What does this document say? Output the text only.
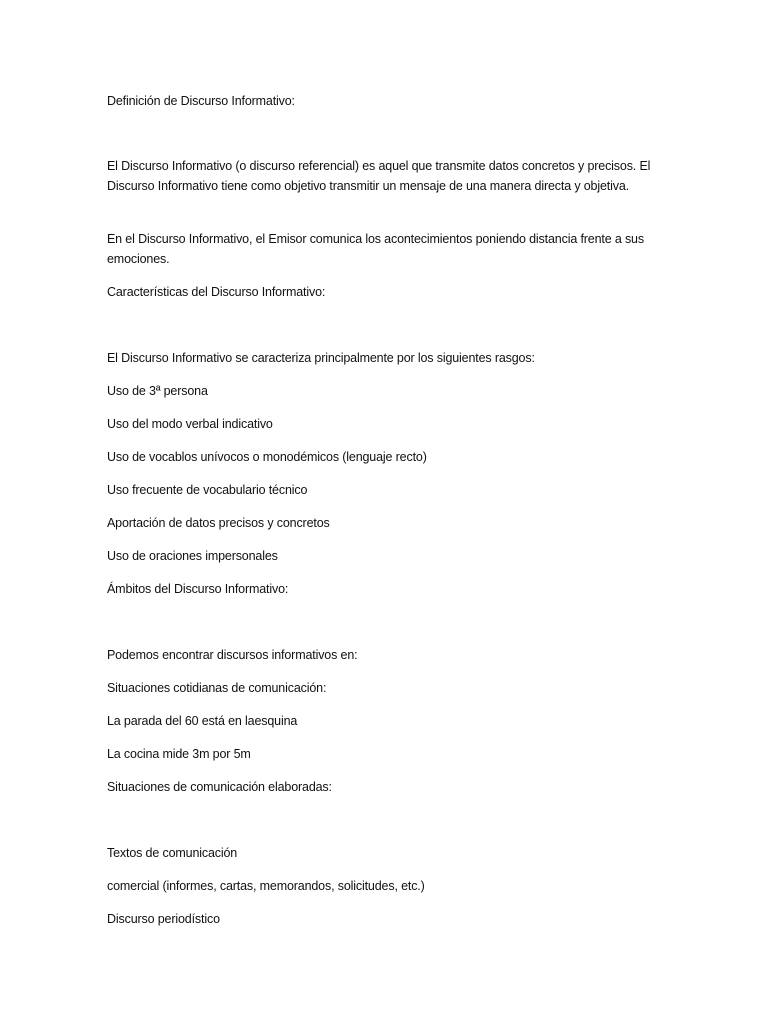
Definición de Discurso Informativo:

El Discurso Informativo (o discurso referencial) es aquel que transmite datos concretos y precisos. El Discurso Informativo tiene como objetivo transmitir un mensaje de una manera directa y objetiva.

En el Discurso Informativo, el Emisor comunica los acontecimientos poniendo distancia frente a sus emociones.

Características del Discurso Informativo:

El Discurso Informativo se caracteriza principalmente por los siguientes rasgos:

Uso de 3ª persona

Uso del modo verbal indicativo

Uso de vocablos unívocos o monodémicos (lenguaje recto)

Uso frecuente de vocabulario técnico

Aportación de datos precisos y concretos

Uso de oraciones impersonales

Ámbitos del Discurso Informativo:

Podemos encontrar discursos informativos en:

Situaciones cotidianas de comunicación:

La parada del 60 está en laesquina

La cocina mide 3m por 5m

Situaciones de comunicación elaboradas:

Textos de comunicación

comercial (informes, cartas, memorandos, solicitudes, etc.)

Discurso periodístico
